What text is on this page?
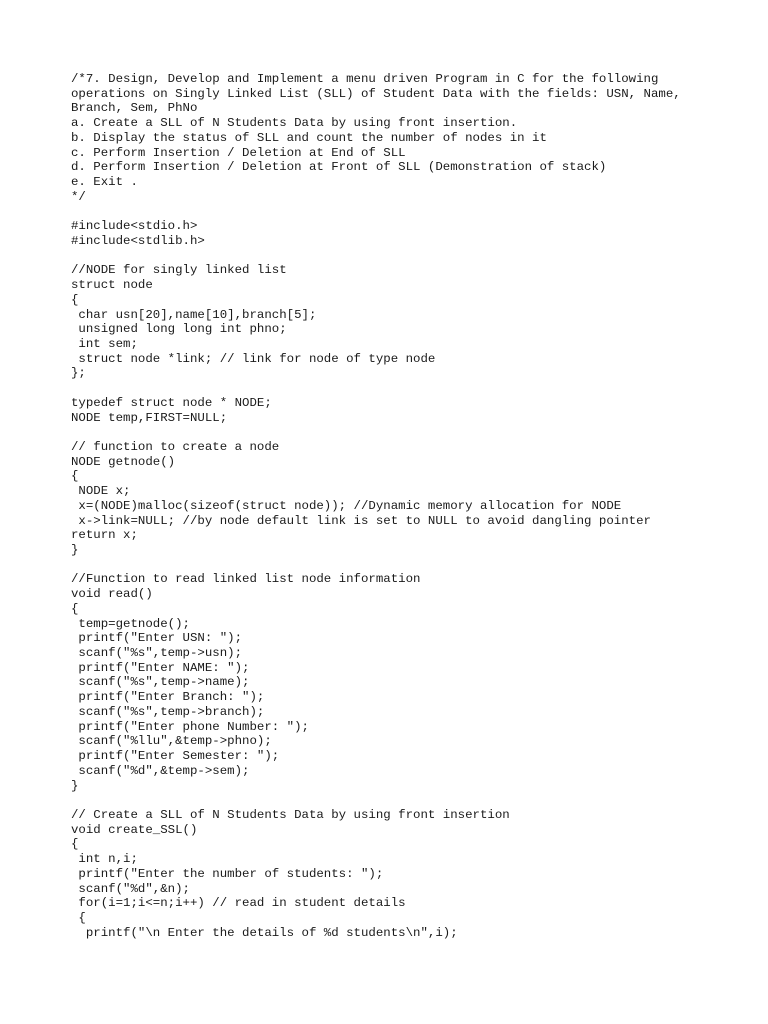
/*7. Design, Develop and Implement a menu driven Program in C for the following
operations on Singly Linked List (SLL) of Student Data with the fields: USN, Name,
Branch, Sem, PhNo
a. Create a SLL of N Students Data by using front insertion.
b. Display the status of SLL and count the number of nodes in it
c. Perform Insertion / Deletion at End of SLL
d. Perform Insertion / Deletion at Front of SLL (Demonstration of stack)
e. Exit .
*/
#include<stdio.h>
#include<stdlib.h>
//NODE for singly linked list
struct node
{
char usn[20],name[10],branch[5];
unsigned long long int phno;
int sem;
struct node *link; // link for node of type node
};
typedef struct node * NODE;
NODE temp,FIRST=NULL;
// function to create a node
NODE getnode()
{
NODE x;
x=(NODE)malloc(sizeof(struct node)); //Dynamic memory allocation for NODE
x->link=NULL; //by node default link is set to NULL to avoid dangling pointer
return x;
}
//Function to read linked list node information
void read()
{
temp=getnode();
printf("Enter USN: ");
scanf("%s",temp->usn);
printf("Enter NAME: ");
scanf("%s",temp->name);
printf("Enter Branch: ");
scanf("%s",temp->branch);
printf("Enter phone Number: ");
scanf("%llu",&temp->phno);
printf("Enter Semester: ");
scanf("%d",&temp->sem);
}
// Create a SLL of N Students Data by using front insertion
void create_SSL()
{
int n,i;
printf("Enter the number of students: ");
scanf("%d",&n);
for(i=1;i<=n;i++) // read in student details
{
printf("\n Enter the details of %d students\n",i);
